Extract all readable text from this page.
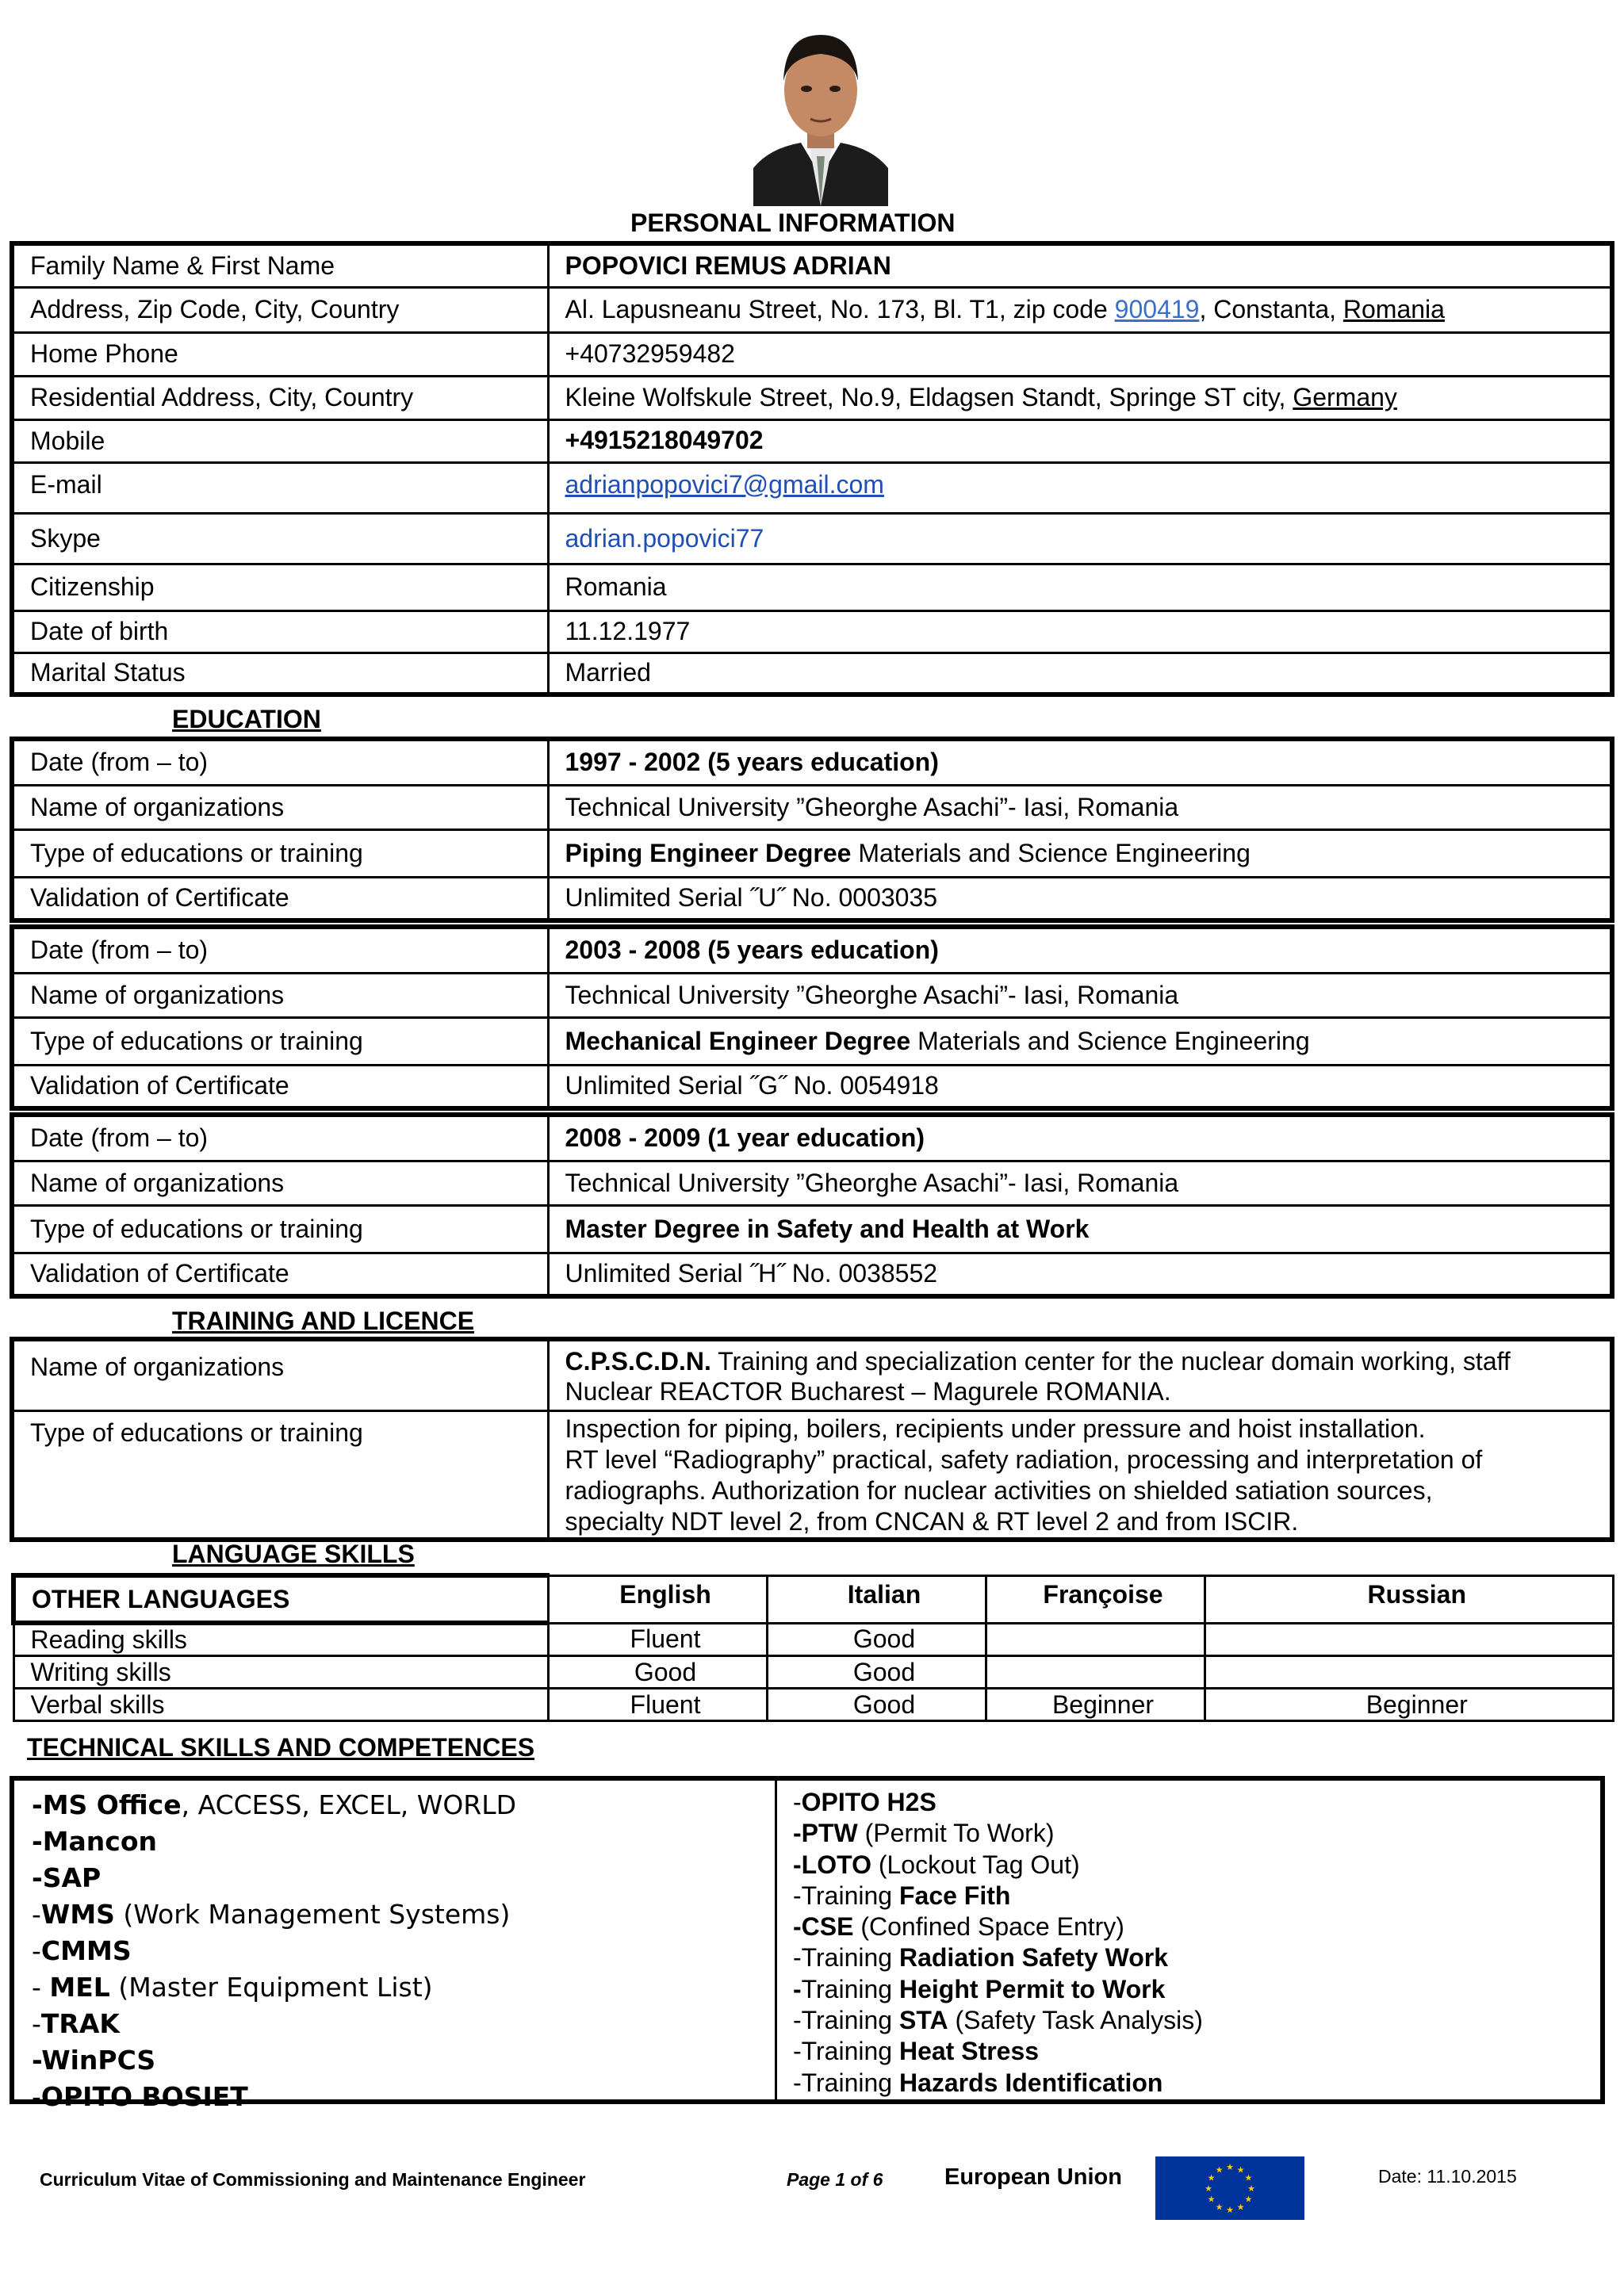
PERSONAL INFORMATION
Family Name & First Name	POPOVICI REMUS ADRIAN
Address, Zip Code, City, Country	Al. Lapusneanu Street, No. 173, Bl. T1, zip code 900419, Constanta, Romania
Home Phone	+40732959482
Residential Address, City, Country	Kleine Wolfskule Street, No.9, Eldagsen Standt, Springe ST city, Germany
Mobile	+4915218049702
E-mail	adrianpopovici7@gmail.com
Skype	adrian.popovici77
Citizenship	Romania
Date of birth	11.12.1977
Marital Status	Married
EDUCATION
Date (from – to)	1997 - 2002 (5 years education)
Name of organizations	Technical University ”Gheorghe Asachi”- Iasi, Romania
Type of educations or training	Piping Engineer Degree Materials and Science Engineering
Validation of Certificate	Unlimited Serial ˝U˝ No. 0003035
Date (from – to)	2003 - 2008 (5 years education)
Name of organizations	Technical University ”Gheorghe Asachi”- Iasi, Romania
Type of educations or training	Mechanical Engineer Degree Materials and Science Engineering
Validation of Certificate	Unlimited Serial ˝G˝ No. 0054918
Date (from – to)	2008 - 2009 (1 year education)
Name of organizations	Technical University ”Gheorghe Asachi”- Iasi, Romania
Type of educations or training	Master Degree in Safety and Health at Work
Validation of Certificate	Unlimited Serial ˝H˝ No. 0038552
TRAINING AND LICENCE
Name of organizations	C.P.S.C.D.N. Training and specialization center for the nuclear domain working, staff
Nuclear REACTOR Bucharest – Magurele ROMANIA.

Type of educations or training	Inspection for piping, boilers, recipients under pressure and hoist installation.
RT level “Radiography” practical, safety radiation, processing and interpretation of
radiographs. Authorization for nuclear activities on shielded satiation sources,
specialty NDT level 2, from CNCAN & RT level 2 and from ISCIR.
LANGUAGE SKILLS
OTHER LANGUAGES	English	Italian	Françoise	Russian
Reading skills	Fluent	Good		
Writing skills	Good	Good		
Verbal skills	Fluent	Good	Beginner	Beginner
TECHNICAL SKILLS AND COMPETENCES
-MS Office, ACCESS, EXCEL, WORLD
-Mancon
-SAP
-WMS (Work Management Systems)
-CMMS
- MEL (Master Equipment List)
-TRAK
-WinPCS
-OPITO BOSIET
-OPITO H2S
-PTW (Permit To Work)
-LOTO (Lockout Tag Out)
-Training Face Fith
-CSE (Confined Space Entry)
-Training Radiation Safety Work
-Training Height Permit to Work
-Training STA (Safety Task Analysis)
-Training Heat Stress
-Training Hazards Identification
Curriculum Vitae of Commissioning and Maintenance Engineer	Page 1 of 6	European Union	★ ★
★
★
★
★
★
★
★
★
★
★	Date: 11.10.2015
